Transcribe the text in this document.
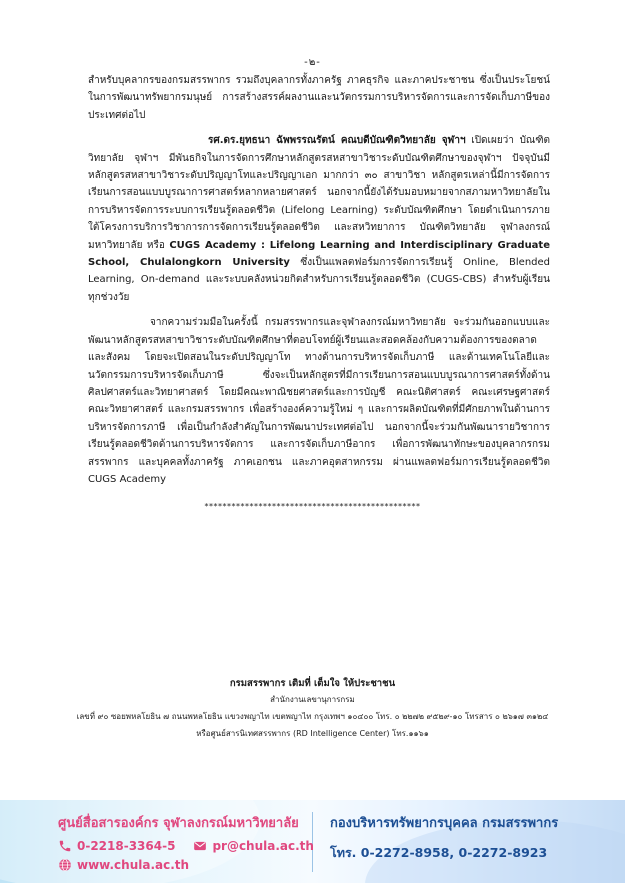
-๒-

สำหรับบุคลากรของกรมสรรพากร รวมถึงบุคลากรทั้งภาครัฐ ภาคธุรกิจ และภาคประชาชน ซึ่งเป็นประโยชน์ในการพัฒนาทรัพยากรมนุษย์ การสร้างสรรค์ผลงานและนวัตกรรมการบริหารจัดการและการจัดเก็บภาษีของประเทศต่อไป

รศ.ดร.ยุทธนา ฉัพพรรณรัตน์ คณบดีบัณฑิตวิทยาลัย จุฬาฯ เปิดเผยว่า บัณฑิตวิทยาลัย จุฬาฯ มีพันธกิจในการจัดการศึกษาหลักสูตรสหสาขาวิชาระดับบัณฑิตศึกษาของจุฬาฯ ปัจจุบันมีหลักสูตรสหสาขาวิชาระดับปริญญาโทและปริญญาเอก มากกว่า ๓๐ สาขาวิชา หลักสูตรเหล่านี้มีการจัดการเรียนการสอนแบบบูรณาการศาสตร์หลากหลายศาสตร์ นอกจากนี้ยังได้รับมอบหมายจากสภามหาวิทยาลัยในการบริหารจัดการระบบการเรียนรู้ตลอดชีวิต (Lifelong Learning) ระดับบัณฑิตศึกษา โดยดำเนินการภายใต้โครงการบริการวิชาการการจัดการเรียนรู้ตลอดชีวิต และสหวิทยาการ บัณฑิตวิทยาลัย จุฬาลงกรณ์มหาวิทยาลัย หรือ CUGS Academy : Lifelong Learning and Interdisciplinary Graduate School, Chulalongkorn University ซึ่งเป็นแพลตฟอร์มการจัดการเรียนรู้ Online, Blended Learning, On-demand และระบบคลังหน่วยกิตสำหรับการเรียนรู้ตลอดชีวิต (CUGS-CBS) สำหรับผู้เรียนทุกช่วงวัย

จากความร่วมมือในครั้งนี้ กรมสรรพากรและจุฬาลงกรณ์มหาวิทยาลัย จะร่วมกันออกแบบและพัฒนาหลักสูตรสหสาขาวิชาระดับบัณฑิตศึกษาที่ตอบโจทย์ผู้เรียนและสอดคล้องกับความต้องการของตลาดและสังคม โดยจะเปิดสอนในระดับปริญญาโท ทางด้านการบริหารจัดเก็บภาษี และด้านเทคโนโลยีและนวัตกรรมการบริหารจัดเก็บภาษี ซึ่งจะเป็นหลักสูตรที่มีการเรียนการสอนแบบบูรณาการศาสตร์ทั้งด้านศิลปศาสตร์และวิทยาศาสตร์ โดยมีคณะพาณิชยศาสตร์และการบัญชี คณะนิติศาสตร์ คณะเศรษฐศาสตร์ คณะวิทยาศาสตร์ และกรมสรรพากร เพื่อสร้างองค์ความรู้ใหม่ ๆ และการผลิตบัณฑิตที่มีศักยภาพในด้านการบริหารจัดการภาษี เพื่อเป็นกำลังสำคัญในการพัฒนาประเทศต่อไป นอกจากนี้จะร่วมกันพัฒนารายวิชาการเรียนรู้ตลอดชีวิตด้านการบริหารจัดการ และการจัดเก็บภาษีอากร เพื่อการพัฒนาทักษะของบุคลากรกรมสรรพากร และบุคคลทั้งภาครัฐ ภาคเอกชน และภาคอุตสาหกรรม ผ่านแพลตฟอร์มการเรียนรู้ตลอดชีวิต CUGS Academy

************************************************
กรมสรรพากร เติมที่ เต็มใจ ให้ประชาชน
สำนักงานเลขานุการกรม
เลขที่ ๙๐ ซอยพหลโยธิน ๗ ถนนพหลโยธิน แขวงพญาไท เขตพญาไท กรุงเทพฯ ๑๐๔๐๐ โทร. ๐ ๒๒๗๒ ๙๕๒๙-๑๐ โทรสาร ๐ ๒๖๑๗ ๓๑๒๔
หรือศูนย์สารนิเทศสรรพากร (RD Intelligence Center) โทร.๑๑๖๑
ศูนย์สื่อสารองค์กร จุฬาลงกรณ์มหาวิทยาลัย
0-2218-3364-5	pr@chula.ac.th
www.chula.ac.th
กองบริหารทรัพยากรบุคคล กรมสรรพากร
โทร. 0-2272-8958, 0-2272-8923
